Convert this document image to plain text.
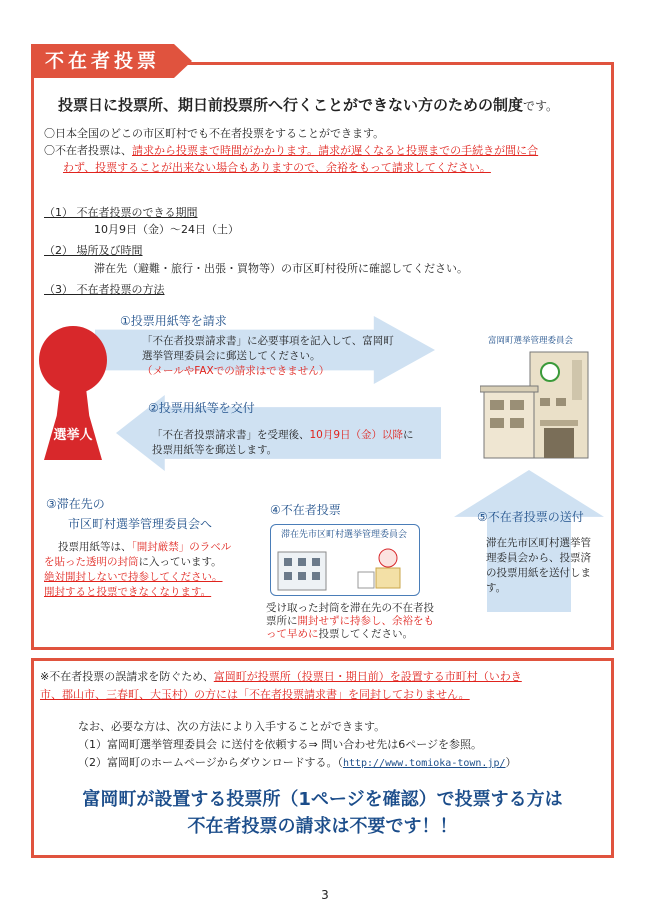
不在者投票
投票日に投票所、期日前投票所へ行くことができない方のための制度です。
〇日本全国のどこの市区町村でも不在者投票をすることができます。
〇不在者投票は、請求から投票まで時間がかかります。請求が遅くなると投票までの手続きが間に合
わず、投票することが出来ない場合もありますので、余裕をもって請求してください。
（1） 不在者投票のできる期間
10月9日（金）～24日（土）
（2） 場所及び時間
滞在先（避難・旅行・出張・買物等）の市区町村役所に確認してください。
（3） 不在者投票の方法
選挙人
①投票用紙等を請求
「不在者投票請求書」に必要事項を記入して、富岡町
選挙管理委員会に郵送してください。
（メールやFAXでの請求はできません）
②投票用紙等を交付
「不在者投票請求書」を受理後、10月9日（金）以降に
投票用紙等を郵送します。
富岡町選挙管理委員会
③滞在先の
市区町村選挙管理委員会へ
投票用紙等は、「開封厳禁」のラベル
を貼った透明の封筒に入っています。
絶対開封しないで持参してください。
開封すると投票できなくなります。
④不在者投票
滞在先市区町村選挙管理委員会
受け取った封筒を滞在先の不在者投
票所に開封せずに持参し、余裕をも
って早めに投票してください。
⑤不在者投票の送付
滞在先市区町村選挙管
理委員会から、投票済
の投票用紙を送付しま
す。
※不在者投票の誤請求を防ぐため、富岡町が投票所（投票日・期日前）を設置する市町村（いわき
市、郡山市、三春町、大玉村）の方には「不在者投票請求書」を同封しておりません。
なお、必要な方は、次の方法により入手することができます。
（1）富岡町選挙管理委員会 に送付を依頼する⇒ 問い合わせ先は6ページを参照。
（2）富岡町のホームページからダウンロードする。（http://www.tomioka-town.jp/）
富岡町が設置する投票所（1ページを確認）で投票する方は
不在者投票の請求は不要です！！
3
